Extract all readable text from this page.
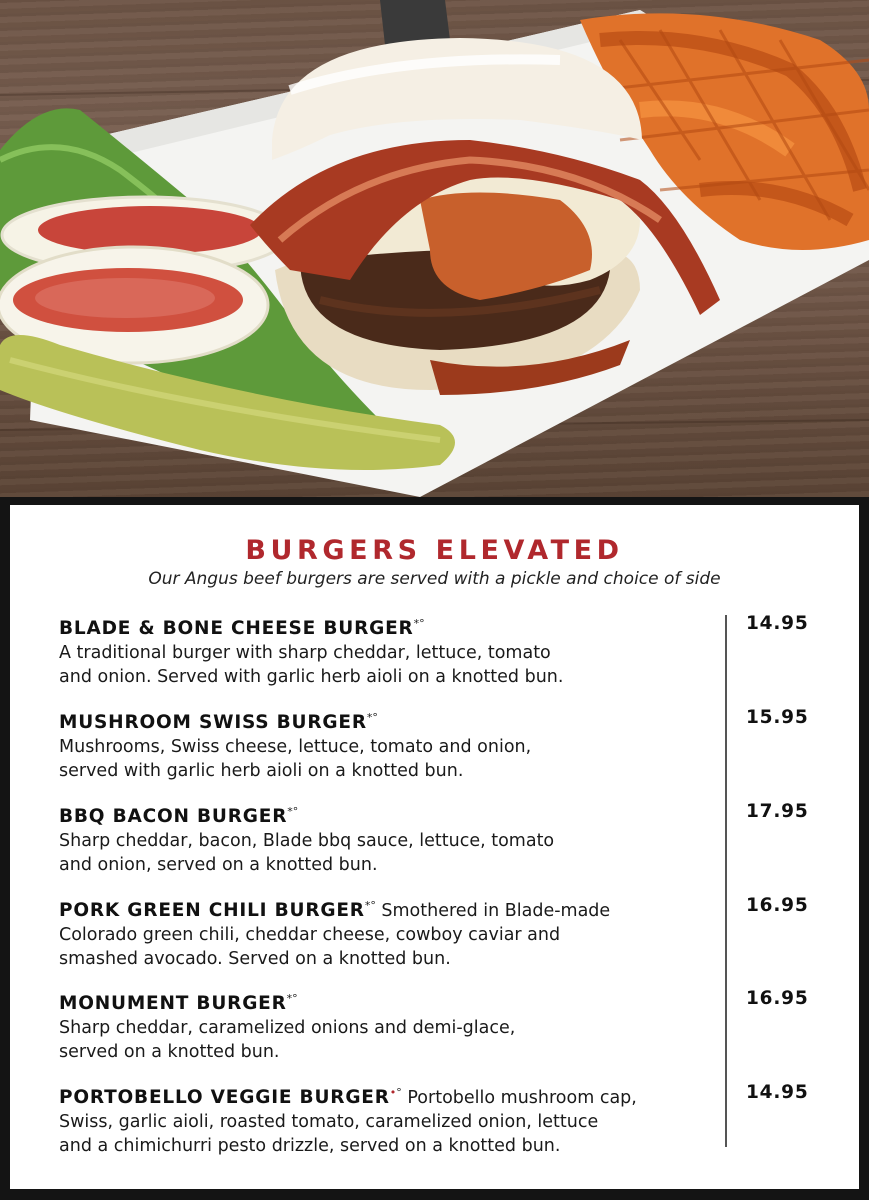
BURGERS ELEVATED
Our Angus beef burgers are served with a pickle and choice of side
BLADE & BONE CHEESE BURGER*°
A traditional burger with sharp cheddar, lettuce, tomato
and onion. Served with garlic herb aioli on a knotted bun.
14.95
MUSHROOM SWISS BURGER*°
Mushrooms, Swiss cheese, lettuce, tomato and onion,
served with garlic herb aioli on a knotted bun.
15.95
BBQ BACON BURGER*°
Sharp cheddar, bacon, Blade bbq sauce, lettuce, tomato
and onion, served on a knotted bun.
17.95
PORK GREEN CHILI BURGER*° Smothered in Blade-made
Colorado green chili, cheddar cheese, cowboy caviar and
smashed avocado. Served on a knotted bun.
16.95
MONUMENT BURGER*°
Sharp cheddar, caramelized onions and demi-glace,
served on a knotted bun.
16.95
PORTOBELLO VEGGIE BURGER•° Portobello mushroom cap,
Swiss, garlic aioli, roasted tomato, caramelized onion, lettuce
and a chimichurri pesto drizzle, served on a knotted bun.
14.95
